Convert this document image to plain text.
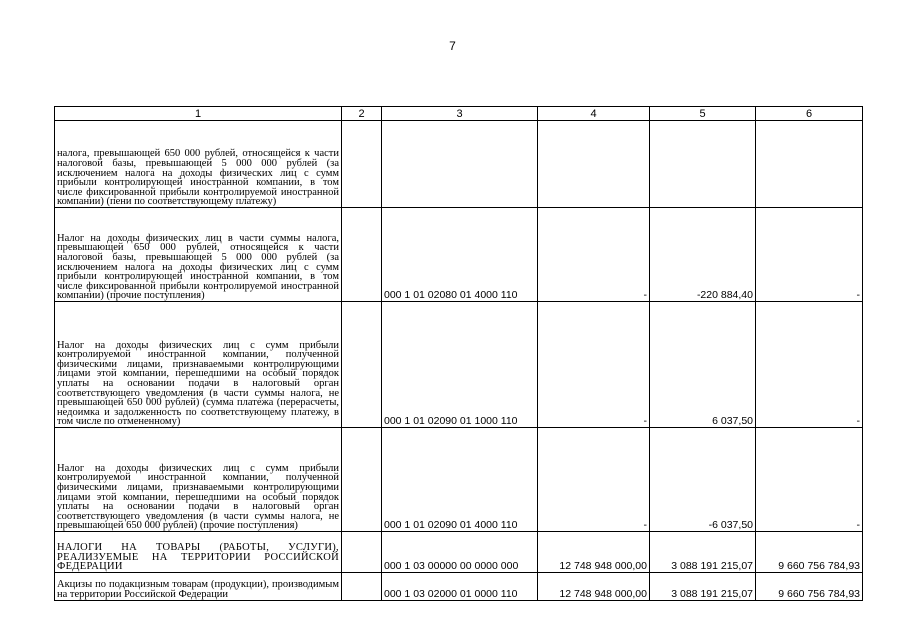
7
1	2	3	4	5	6
налога, превышающей 650 000 рублей, относящейся к части налоговой базы, превышающей 5 000 000 рублей (за исключением налога на доходы физических лиц с сумм прибыли контролирующей иностранной компании, в том числе фиксированной прибыли контролируемой иностранной компании) (пени по соответствующему платежу)					
Налог на доходы физических лиц в части суммы налога, превышающей 650 000 рублей, относящейся к части налоговой базы, превышающей 5 000 000 рублей (за исключением налога на доходы физических лиц с сумм прибыли контролирующей иностранной компании, в том числе фиксированной прибыли контролируемой иностранной компании) (прочие поступления)		000 1 01 02080 01 4000 110	-	-220 884,40	-
Налог на доходы физических лиц с сумм прибыли контролируемой иностранной компании, полученной физическими лицами, признаваемыми контролирующими лицами этой компании, перешедшими на особый порядок уплаты на основании подачи в налоговый орган соответствующего уведомления (в части суммы налога, не превышающей 650 000 рублей) (сумма платежа (перерасчеты, недоимка и задолженность по соответствующему платежу, в том числе по отмененному)		000 1 01 02090 01 1000 110	-	6 037,50	-
Налог на доходы физических лиц с сумм прибыли контролируемой иностранной компании, полученной физическими лицами, признаваемыми контролирующими лицами этой компании, перешедшими на особый порядок уплаты на основании подачи в налоговый орган соответствующего уведомления (в части суммы налога, не превышающей 650 000 рублей) (прочие поступления)		000 1 01 02090 01 4000 110	-	-6 037,50	-
НАЛОГИ НА ТОВАРЫ (РАБОТЫ, УСЛУГИ), РЕАЛИЗУЕМЫЕ НА ТЕРРИТОРИИ РОССИЙСКОЙ ФЕДЕРАЦИИ		000 1 03 00000 00 0000 000	12 748 948 000,00	3 088 191 215,07	9 660 756 784,93

Акцизы по подакцизным товарам (продукции), производимым на территории Российской Федерации		000 1 03 02000 01 0000 110	12 748 948 000,00	3 088 191 215,07	9 660 756 784,93
